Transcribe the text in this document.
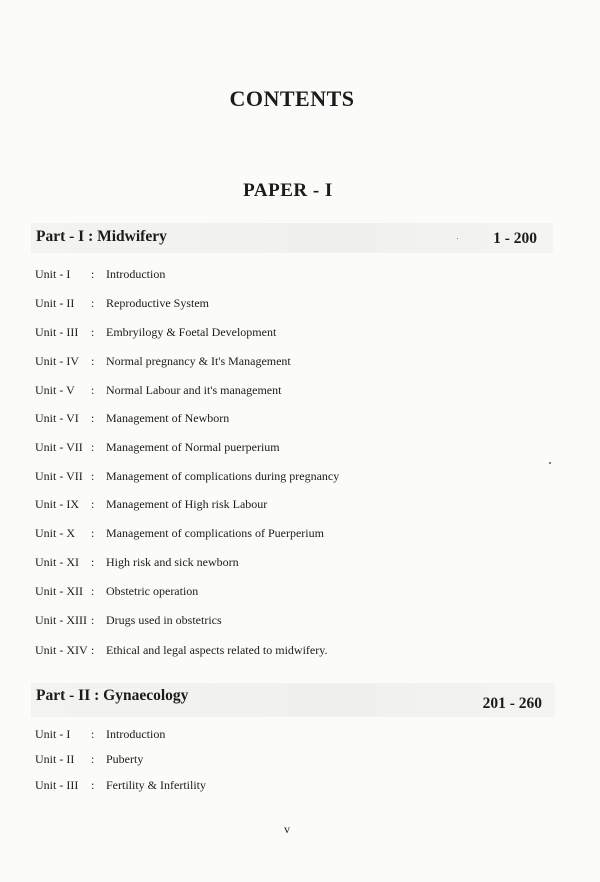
CONTENTS
PAPER - I
Part - I : Midwifery	1 - 200
Unit - I : Introduction
Unit - II : Reproductive System
Unit - III : Embryilogy & Foetal Development
Unit - IV : Normal pregnancy & It's Management
Unit - V : Normal Labour and it's management
Unit - VI : Management of Newborn
Unit - VII : Management of Normal puerperium
Unit - VII : Management of complications during pregnancy
Unit - IX : Management of High risk Labour
Unit - X : Management of complications of Puerperium
Unit - XI : High risk and sick newborn
Unit - XII : Obstetric operation
Unit - XIII : Drugs used in obstetrics
Unit - XIV : Ethical and legal aspects related to midwifery.
Part - II : Gynaecology	201 - 260
Unit - I : Introduction
Unit - II : Puberty
Unit - III : Fertility & Infertility
v
